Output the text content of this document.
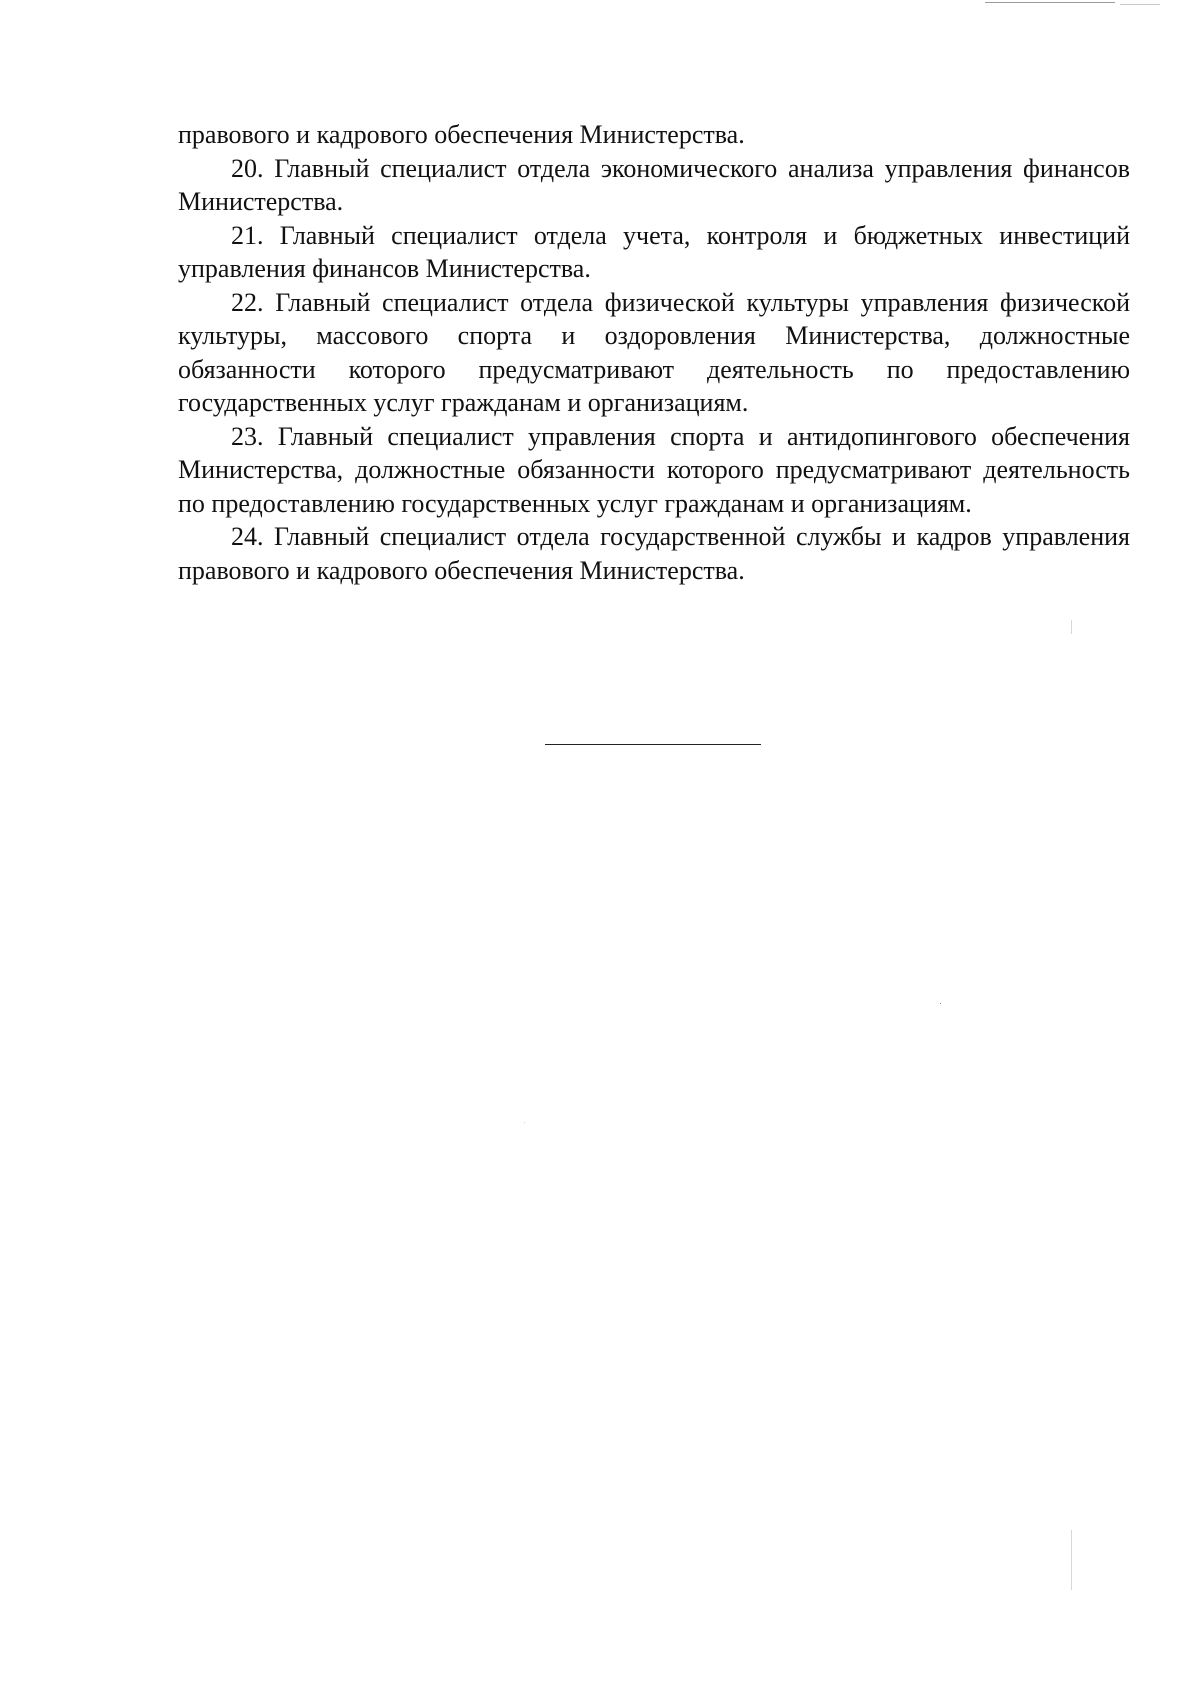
правового и кадрового обеспечения Министерства.

20. Главный специалист отдела экономического анализа управления финансов Министерства.

21. Главный специалист отдела учета, контроля и бюджетных инвестиций управления финансов Министерства.

22. Главный специалист отдела физической культуры управления физической культуры, массового спорта и оздоровления Министерства, должностные обязанности которого предусматривают деятельность по предоставлению государственных услуг гражданам и организациям.

23. Главный специалист управления спорта и антидопингового обеспечения Министерства, должностные обязанности которого предусматривают деятельность по предоставлению государственных услуг гражданам и организациям.

24. Главный специалист отдела государственной службы и кадров управления правового и кадрового обеспечения Министерства.
